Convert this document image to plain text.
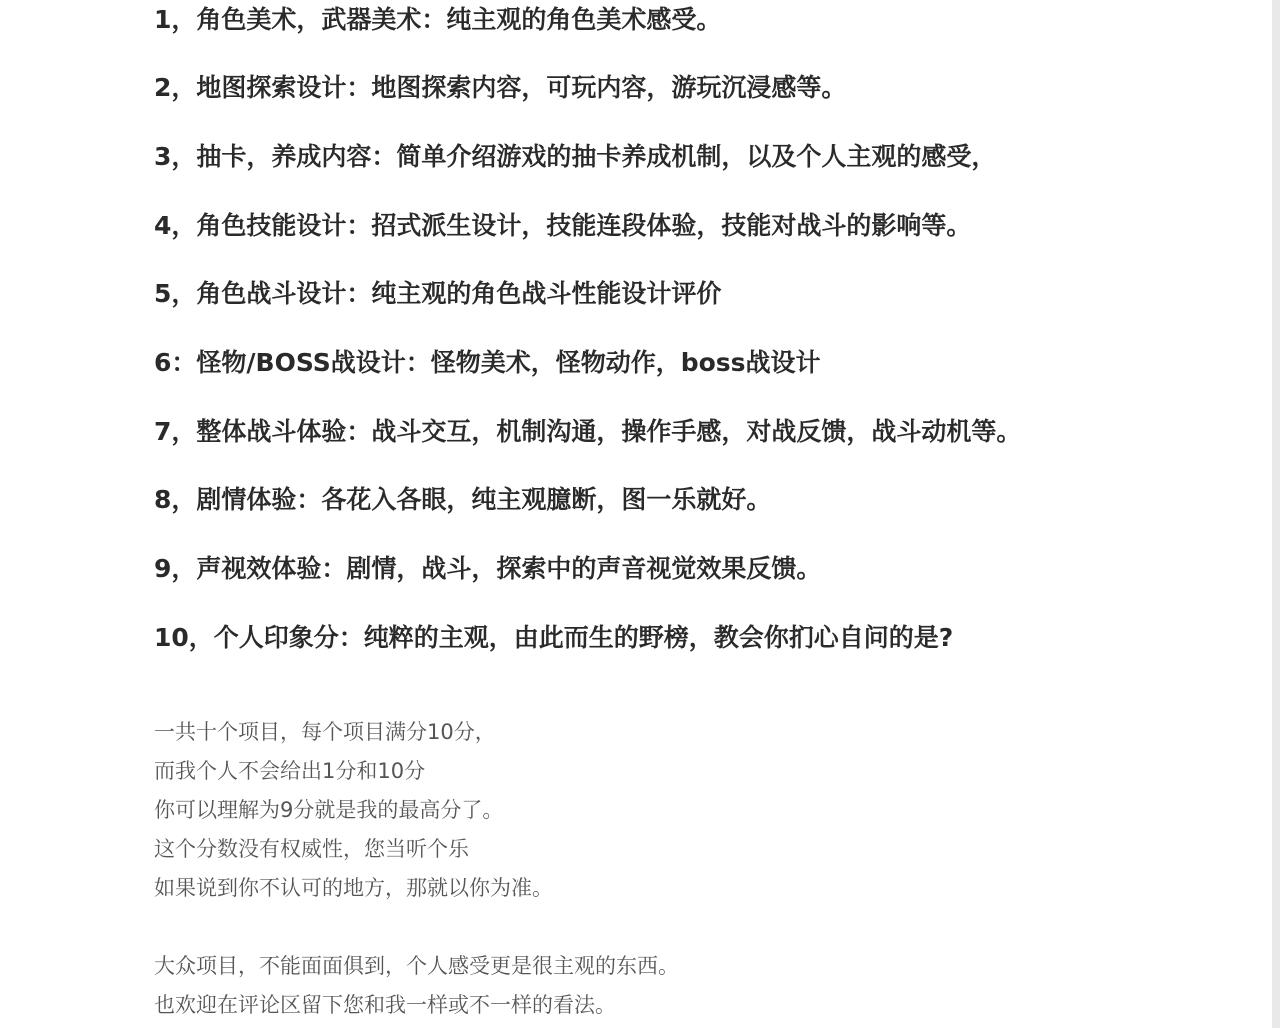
1，角色美术，武器美术：纯主观的角色美术感受。
2，地图探索设计：地图探索内容，可玩内容，游玩沉浸感等。
3，抽卡，养成内容：简单介绍游戏的抽卡养成机制，以及个人主观的感受，
4，角色技能设计：招式派生设计，技能连段体验，技能对战斗的影响等。
5，角色战斗设计：纯主观的角色战斗性能设计评价
6：怪物/BOSS战设计：怪物美术，怪物动作，boss战设计
7，整体战斗体验：战斗交互，机制沟通，操作手感，对战反馈，战斗动机等。
8，剧情体验：各花入各眼，纯主观臆断，图一乐就好。
9，声视效体验：剧情，战斗，探索中的声音视觉效果反馈。
10，个人印象分：纯粹的主观，由此而生的野榜，教会你扪心自问的是?
一共十个项目，每个项目满分10分，
而我个人不会给出1分和10分
你可以理解为9分就是我的最高分了。
这个分数没有权威性，您当听个乐
如果说到你不认可的地方，那就以你为准。
大众项目，不能面面俱到，个人感受更是很主观的东西。
也欢迎在评论区留下您和我一样或不一样的看法。
